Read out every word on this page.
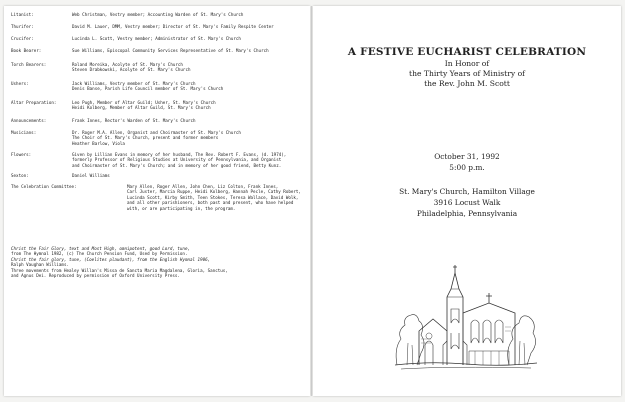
Litanist:	Web Christman, Vestry member; Accounting Warden of St. Mary's Church
Thurifer:	David M. Lauer, DMM, Vestry member; Director of St. Mary's Family Respite Center
Crucifer:	Lucinda L. Scott, Vestry member; Administrator of St. Mary's Church
Book Bearer:	Sue Williams, Episcopal Community Services Representative of St. Mary's Church
Torch Bearers:	Roland Moreika, Acolyte of St. Mary's Church
Steven Drabkowski, Acolyte of St. Mary's Church
Ushers:	Jack Williams, Vestry member of St. Mary's Church
Denis Banse, Parish Life Council member of St. Mary's Church
Altar Preparation:	Leo Pugh, Member of Altar Guild; Usher, St. Mary's Church
Heidi Kolberg, Member of Altar Guild, St. Mary's Church
Announcements:	Frank Innes, Rector's Warden of St. Mary's Church
Musicians:	Dr. Roger M.A. Allen, Organist and Choirmaster of St. Mary's Church
The Choir of St. Mary's Church, present and former members
Heather Barlow, Viola
Flowers:	Given by Lillian Evans in memory of her husband, The Rev. Robert F. Evans, (d. 1974),
formerly Professor of Religious Studies at University of Pennsylvania, and Organist
and Choirmaster of St. Mary's Church; and in memory of her good friend, Betty Kunz.
Sexton:	Daniel Williams
The Celebration Committee:	Mary Allen, Roger Allen, John Chen, Liz Colton, Frank Innes,
Carl Juster, Marcia Ruppe, Heidi Kolberg, Hannah Pecle, Cathy Robert,
Lucinda Scott, Kirby Smith, Teen Stokes, Teresa Wallace, David Wolk,
and all other parishioners, both past and present, who have helped
with, or are participating in, the program.
Christ the Fair Glory, text and Most High, omnipotent, good Lord, tune,
from The Hymnal 1982, (c) The Church Pension Fund, Used by Permission.
Christ the fair glory, tune, (Coelites plaudant), from the English Hymnal 1906,
Ralph Vaughan Williams.
Three movements from Healey Willan's Missa de Sancta Maria Magdalena, Gloria, Sanctus,
and Agnus Dei. Reproduced by permission of Oxford University Press.
A FESTIVE EUCHARIST CELEBRATION
In Honor of
the Thirty Years of Ministry of
the Rev. John M. Scott
October 31, 1992
5:00 p.m.
St. Mary's Church, Hamilton Village
3916 Locust Walk
Philadelphia, Pennsylvania
